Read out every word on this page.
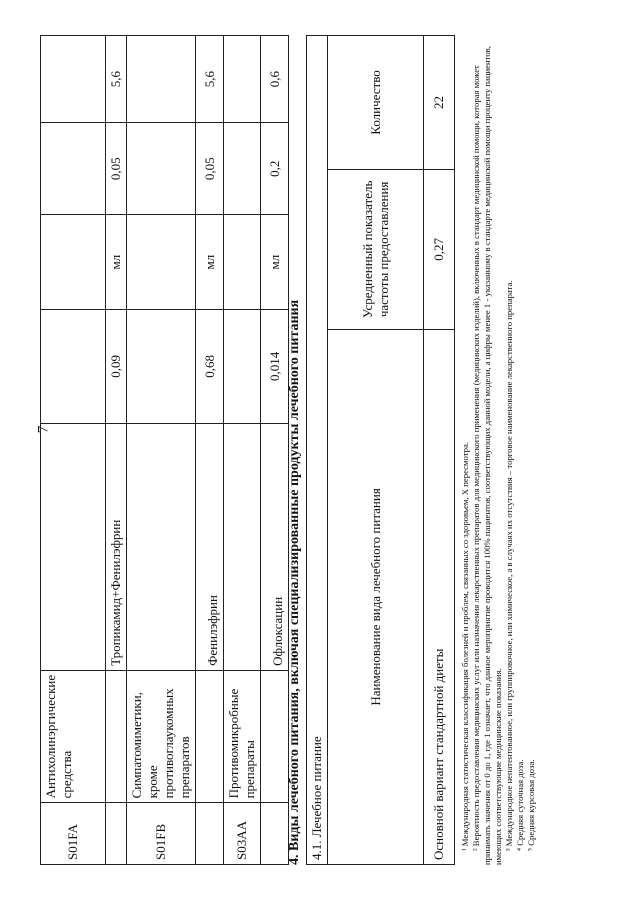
7
S01FA	Антихолинэргические средства					
		Тропикамид+Фенилэфрин	0,09	мл	0,05	5,6
S01FB	Симпатомиметики, кроме противоглаукомных препаратов					
		Фенилэфрин	0,68	мл	0,05	5,6
S03AA	Противомикробные препараты					
		Офлоксацин	0,014	мл	0,2	0,6
4. Виды лечебного питания, включая специализированные продукты лечебного питания 4.1. Лечебное питание		
Наименование вида лечебного питания	Усредненный показатель частоты предоставления	Количество
Основной вариант стандартной диеты	0,27	22

¹ Международная статистическая классификация болезней и проблем, связанных со здоровьем, X пересмотра. ² Вероятность предоставления медицинских услуг или назначения лекарственных препаратов для медицинского применения (медицинских изделий), включенных в стандарт медицинской помощи, которая может принимать значения от 0 до 1, где 1 означает, что данное мероприятие проводится 100% пациентов, соответствующих данной модели, а цифры менее 1 - указанному в стандарте медицинской помощи проценту пациентов, имеющих соответствующие медицинские показания. ³ Международное непатентованное, или группировочное, или химическое, а в случаях их отсутствия – торговое наименование лекарственного препарата. ⁴ Средняя суточная доза. ⁵ Средняя курсовая доза.
